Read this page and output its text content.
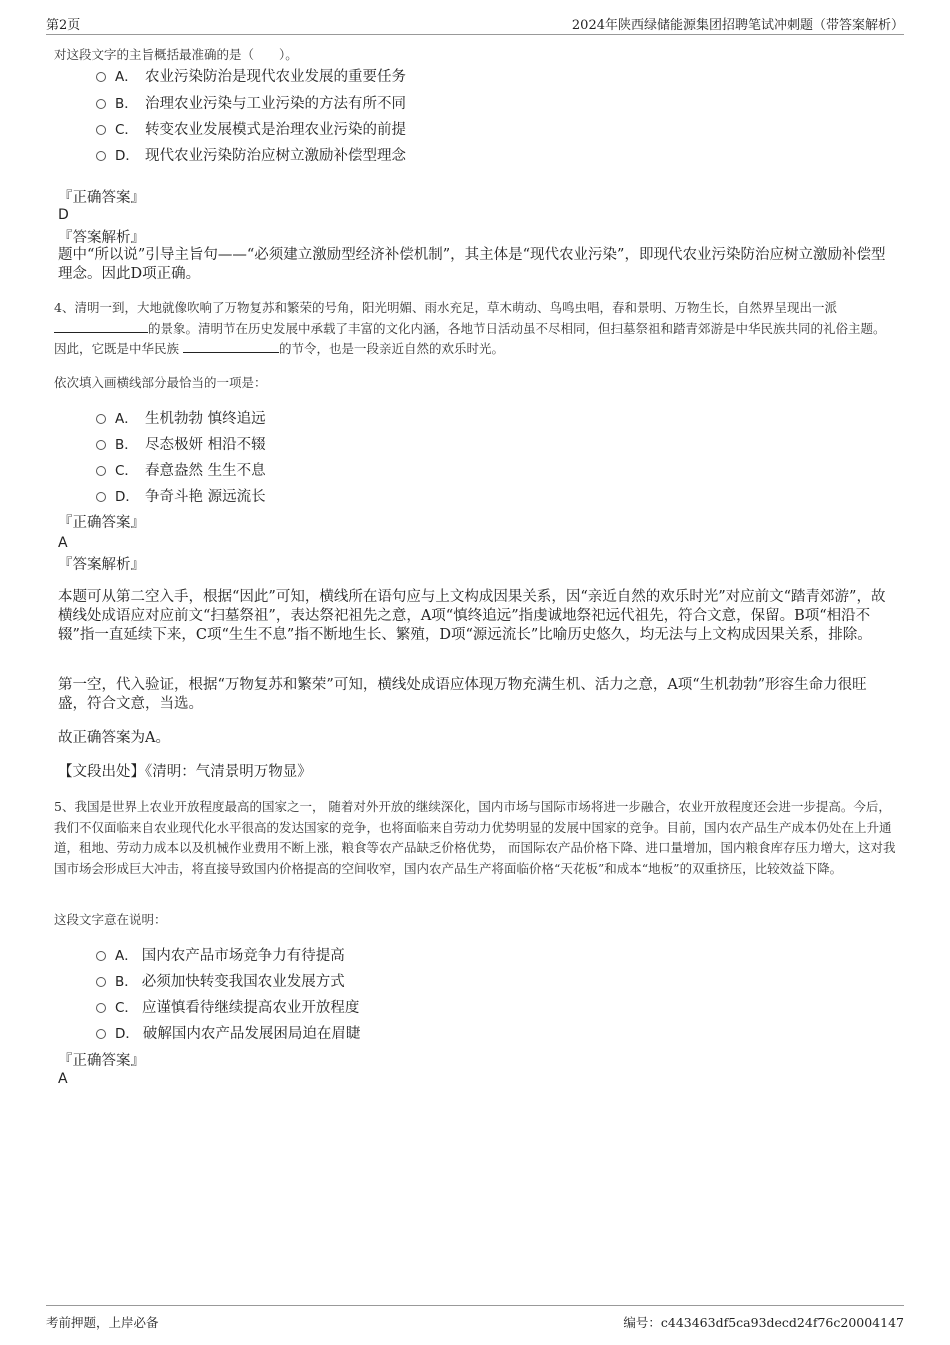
第2页	2024年陕西绿储能源集团招聘笔试冲刺题（带答案解析）
对这段文字的主旨概括最准确的是（　　）。
A． 农业污染防治是现代农业发展的重要任务
B． 治理农业污染与工业污染的方法有所不同
C． 转变农业发展模式是治理农业污染的前提
D． 现代农业污染防治应树立激励补偿型理念
『正确答案』
D
『答案解析』
题中“所以说”引导主旨句——“必须建立激励型经济补偿机制”，其主体是“现代农业污染”，即现代农业污染防治应树立激励补偿型理念。因此D项正确。
4、清明一到，大地就像吹响了万物复苏和繁荣的号角，阳光明媚、雨水充足，草木萌动、鸟鸣虫唱，春和景明、万物生长，自然界呈现出一派的景象。清明节在历史发展中承载了丰富的文化内涵，各地节日活动虽不尽相同，但扫墓祭祖和踏青郊游是中华民族共同的礼俗主题。因此，它既是中华民族	的节令，也是一段亲近自然的欢乐时光。
依次填入画横线部分最恰当的一项是：
A． 生机勃勃 慎终追远
B． 尽态极妍 相沿不辍
C． 春意盎然 生生不息
D． 争奇斗艳 源远流长
『正确答案』
A
『答案解析』
本题可从第二空入手，根据“因此”可知，横线所在语句应与上文构成因果关系，因“亲近自然的欢乐时光”对应前文“踏青郊游”，故横线处成语应对应前文“扫墓祭祖”，表达祭祀祖先之意，A项“慎终追远”指虔诚地祭祀远代祖先，符合文意，保留。B项“相沿不辍”指一直延续下来，C项“生生不息”指不断地生长、繁殖，D项“源远流长”比喻历史悠久，均无法与上文构成因果关系，排除。
第一空，代入验证，根据“万物复苏和繁荣”可知，横线处成语应体现万物充满生机、活力之意，A项“生机勃勃”形容生命力很旺盛，符合文意，当选。
故正确答案为A。
【文段出处】《清明：气清景明万物显》
5、我国是世界上农业开放程度最高的国家之一， 随着对外开放的继续深化，国内市场与国际市场将进一步融合，农业开放程度还会进一步提高。今后，我们不仅面临来自农业现代化水平很高的发达国家的竞争，也将面临来自劳动力优势明显的发展中国家的竞争。目前，国内农产品生产成本仍处在上升通道，租地、劳动力成本以及机械作业费用不断上涨，粮食等农产品缺乏价格优势， 而国际农产品价格下降、进口量增加，国内粮食库存压力增大，这对我国市场会形成巨大冲击，将直接导致国内价格提高的空间收窄，国内农产品生产将面临价格“天花板”和成本“地板”的双重挤压，比较效益下降。
这段文字意在说明：
A． 国内农产品市场竞争力有待提高
B． 必须加快转变我国农业发展方式
C． 应谨慎看待继续提高农业开放程度
D． 破解国内农产品发展困局迫在眉睫
『正确答案』
A
考前押题，上岸必备	编号：c443463df5ca93decd24f76c20004147
